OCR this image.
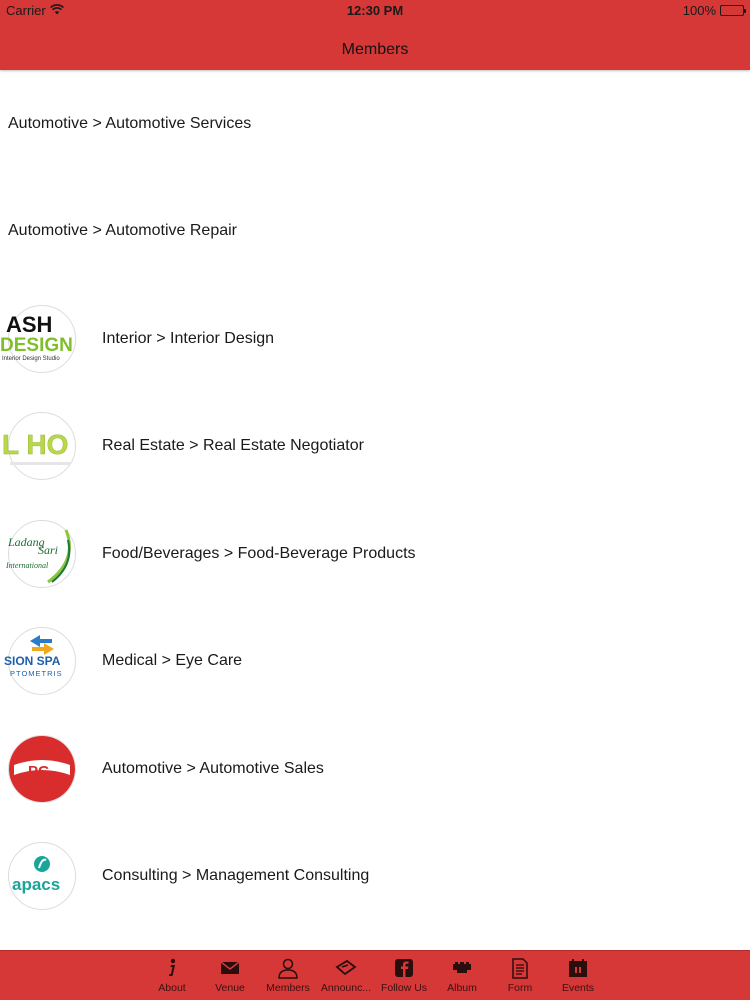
Carrier	12:30 PM	100%
Members
Automotive > Automotive Services
Automotive > Automotive Repair
ASH
DESIGN
Interior Design Studio
Interior > Interior Design
L HO Real Estate > Real Estate Negotiator
Ladang
Sari
International
Food/Beverages > Food-Beverage Products
SION SPA
PTOMETRIS
Medical > Eye Care
PG	Automotive > Automotive Sales
apacs	Consulting > Management Consulting
About	Venue Members Announc... Follow Us Album	Form	Events
